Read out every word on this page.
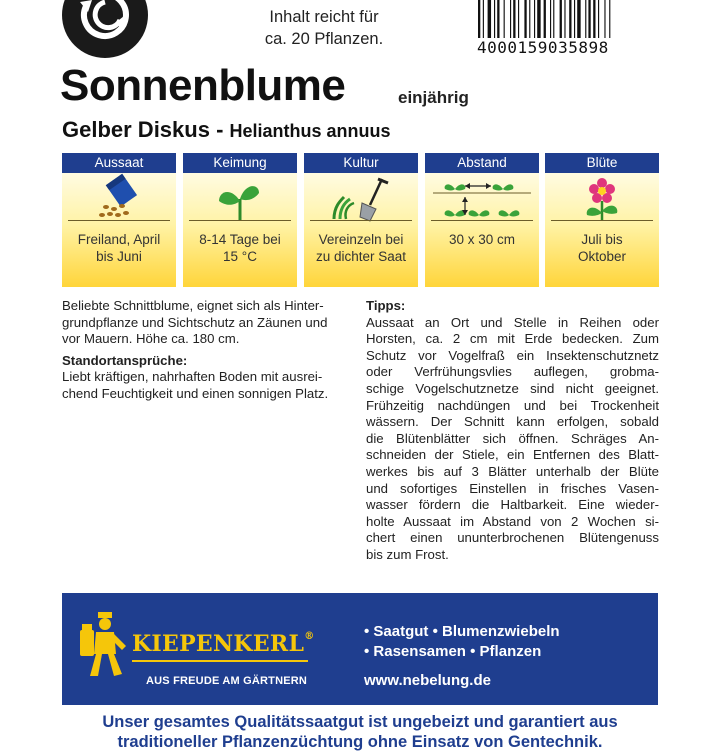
Inhalt reicht für
ca. 20 Pflanzen.	4000159035898
Sonnenblume	einjährig
Gelber Diskus - Helianthus annuus
Aussaat
Freiland, April
bis Juni
Keimung
8-14 Tage bei
15 °C
Kultur
Vereinzeln bei
zu dichter Saat
Abstand
30 x 30 cm
Blüte
Juli bis
Oktober
Beliebte Schnittblume, eignet sich als Hinter-
grundpflanze und Sichtschutz an Zäunen und
vor Mauern. Höhe ca. 180 cm.
Standortansprüche:
Liebt kräftigen, nahrhaften Boden mit ausrei-
chend Feuchtigkeit und einen sonnigen Platz.
Tipps:
Aussaat an Ort und Stelle in Reihen oder
Horsten, ca. 2 cm mit Erde bedecken. Zum
Schutz vor Vogelfraß ein Insektenschutznetz
oder Verfrühungsvlies auflegen, grobma-
schige Vogelschutznetze sind nicht geeignet.
Frühzeitig nachdüngen und bei Trockenheit
wässern. Der Schnitt kann erfolgen, sobald
die Blütenblätter sich öffnen. Schräges An-
schneiden der Stiele, ein Entfernen des Blatt-
werkes bis auf 3 Blätter unterhalb der Blüte
und sofortiges Einstellen in frisches Vasen-
wasser fördern die Haltbarkeit. Eine wieder-
holte Aussaat im Abstand von 2 Wochen si-
chert einen ununterbrochenen Blütengenuss
bis zum Frost.
KIEPENKERL®
AUS FREUDE AM GÄRTNERN
• Saatgut • Blumenzwiebeln
• Rasensamen • Pflanzen
www.nebelung.de
Unser gesamtes Qualitätssaatgut ist ungebeizt und garantiert aus
traditioneller Pflanzenzüchtung ohne Einsatz von Gentechnik.
